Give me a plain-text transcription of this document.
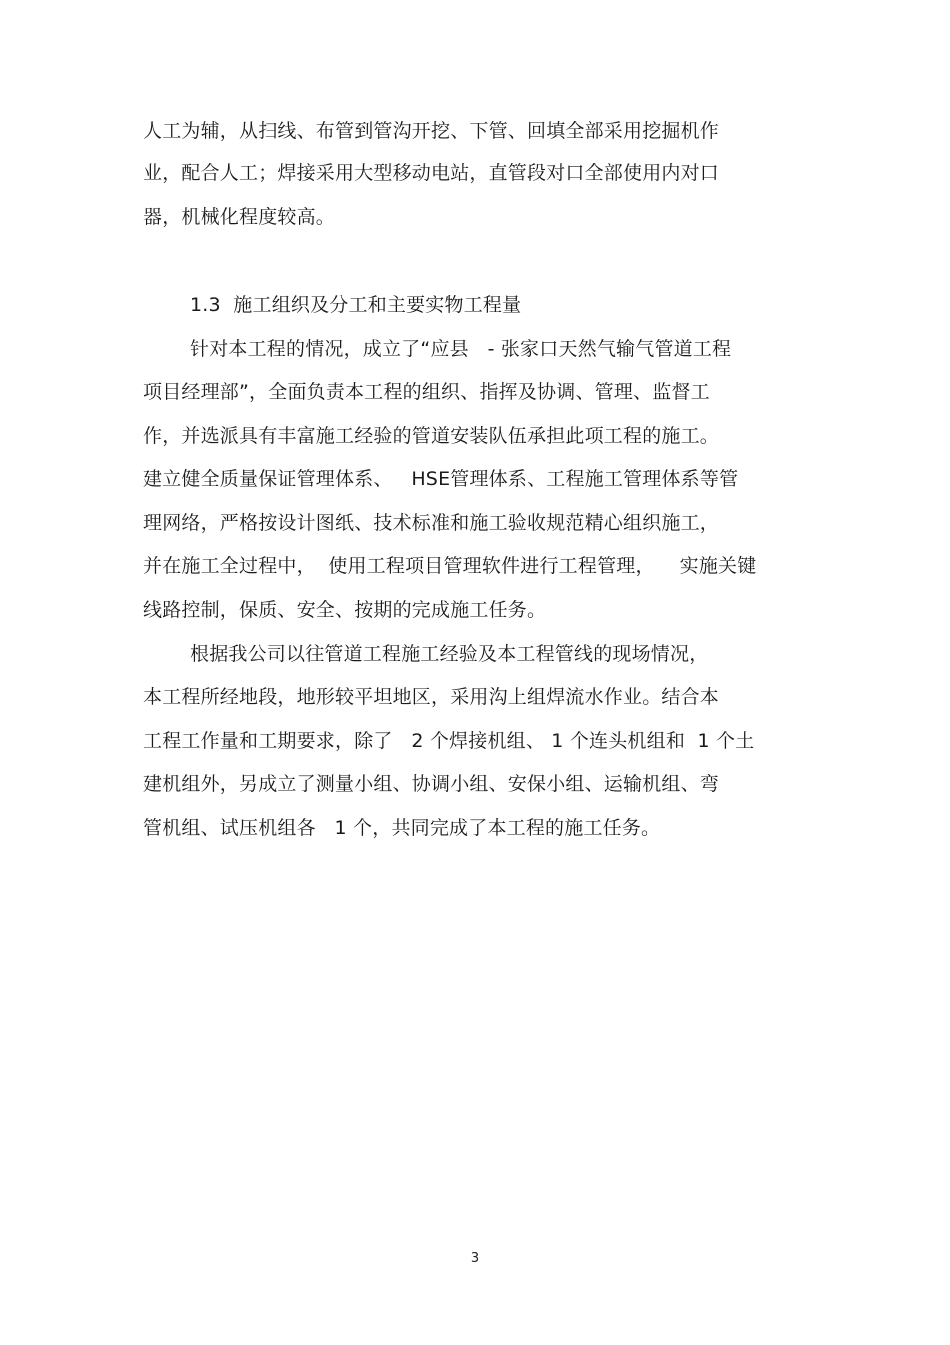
人工为辅，从扫线、布管到管沟开挖、下管、回填全部采用挖掘机作
业，配合人工；焊接采用大型移动电站，直管段对口全部使用内对口
器，机械化程度较高。
1.3  施工组织及分工和主要实物工程量
针对本工程的情况，成立了“应县   - 张家口天然气输气管道工程
项目经理部”，全面负责本工程的组织、指挥及协调、管理、监督工
作，并选派具有丰富施工经验的管道安装队伍承担此项工程的施工。
建立健全质量保证管理体系、   HSE管理体系、工程施工管理体系等管
理网络，严格按设计图纸、技术标准和施工验收规范精心组织施工，
并在施工全过程中，  使用工程项目管理软件进行工程管理，    实施关键
线路控制，保质、安全、按期的完成施工任务。
根据我公司以往管道工程施工经验及本工程管线的现场情况，
本工程所经地段，地形较平坦地区，采用沟上组焊流水作业。结合本
工程工作量和工期要求，除了   2 个焊接机组、 1 个连头机组和  1 个土
建机组外，另成立了测量小组、协调小组、安保小组、运输机组、弯
管机组、试压机组各   1 个，共同完成了本工程的施工任务。
3
